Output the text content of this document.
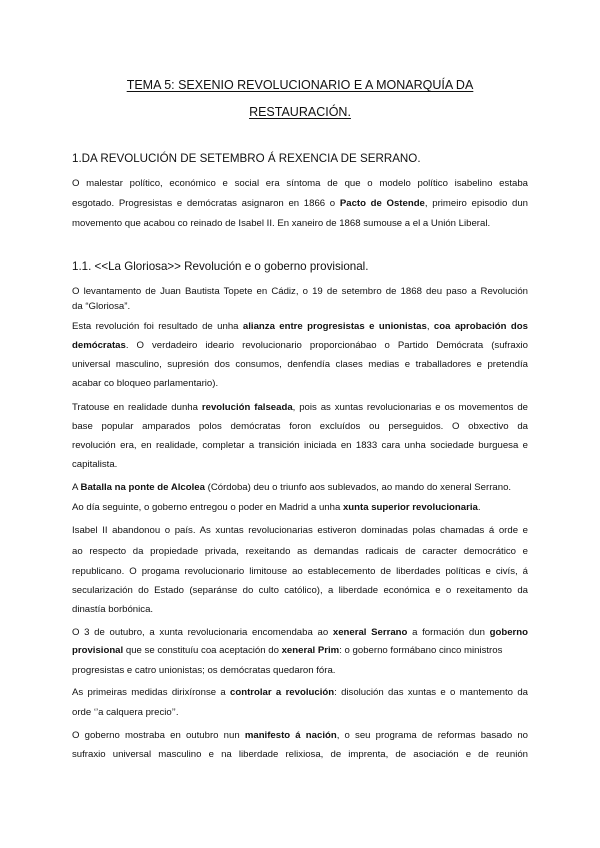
TEMA 5: SEXENIO REVOLUCIONARIO E A MONARQUÍA DA
RESTAURACIÓN.
1.DA REVOLUCIÓN DE SETEMBRO Á REXENCIA DE SERRANO.
O malestar político, económico e social era síntoma de que o modelo político isabelino estaba
esgotado. Progresistas e demócratas asignaron en 1866 o Pacto de Ostende, primeiro episodio dun
movemento que acabou co reinado de Isabel II. En xaneiro de 1868 sumouse a el a Unión Liberal.
1.1. <<La Gloriosa>> Revolución e o goberno provisional.
O levantamento de Juan Bautista Topete en Cádiz, o 19 de setembro de 1868 deu paso a Revolución
da “Gloriosa”.
Esta revolución foi resultado de unha alianza entre progresistas e unionistas, coa aprobación dos
demócratas. O verdadeiro ideario revolucionario proporcionábao o Partido Demócrata (sufraxio
universal masculino, supresión dos consumos, denfendía clases medias e traballadores e pretendía
acabar co bloqueo parlamentario).
Tratouse en realidade dunha revolución falseada, pois as xuntas revolucionarias e os movementos de
base popular amparados polos demócratas foron excluídos ou perseguidos. O obxectivo da
revolución era, en realidade, completar a transición iniciada en 1833 cara unha sociedade burguesa e
capitalista.
A Batalla na ponte de Alcolea (Córdoba) deu o triunfo aos sublevados, ao mando do xeneral Serrano.
Ao día seguinte, o goberno entregou o poder en Madrid a unha xunta superior revolucionaria.
Isabel II abandonou o país. As xuntas revolucionarias estiveron dominadas polas chamadas á orde e
ao respecto da propiedade privada, rexeitando as demandas radicais de caracter democrático e
republicano. O progama revolucionario limitouse ao establecemento de liberdades políticas e civís, á
secularización do Estado (separánse do culto católico), a liberdade económica e o rexeitamento da
dinastía borbónica.
O 3 de outubro, a xunta revolucionaria encomendaba ao xeneral Serrano a formación dun goberno
provisional que se constituíu coa aceptación do xeneral Prim: o goberno formábano cinco ministros
progresistas e catro unionistas; os demócratas quedaron fóra.
As primeiras medidas dirixíronse a controlar a revolución: disolución das xuntas e o mantemento da
orde ‘’a calquera precio’’.
O goberno mostraba en outubro nun manifesto á nación, o seu programa de reformas basado no
sufraxio universal masculino e na liberdade relixiosa, de imprenta, de asociación e de reunión
